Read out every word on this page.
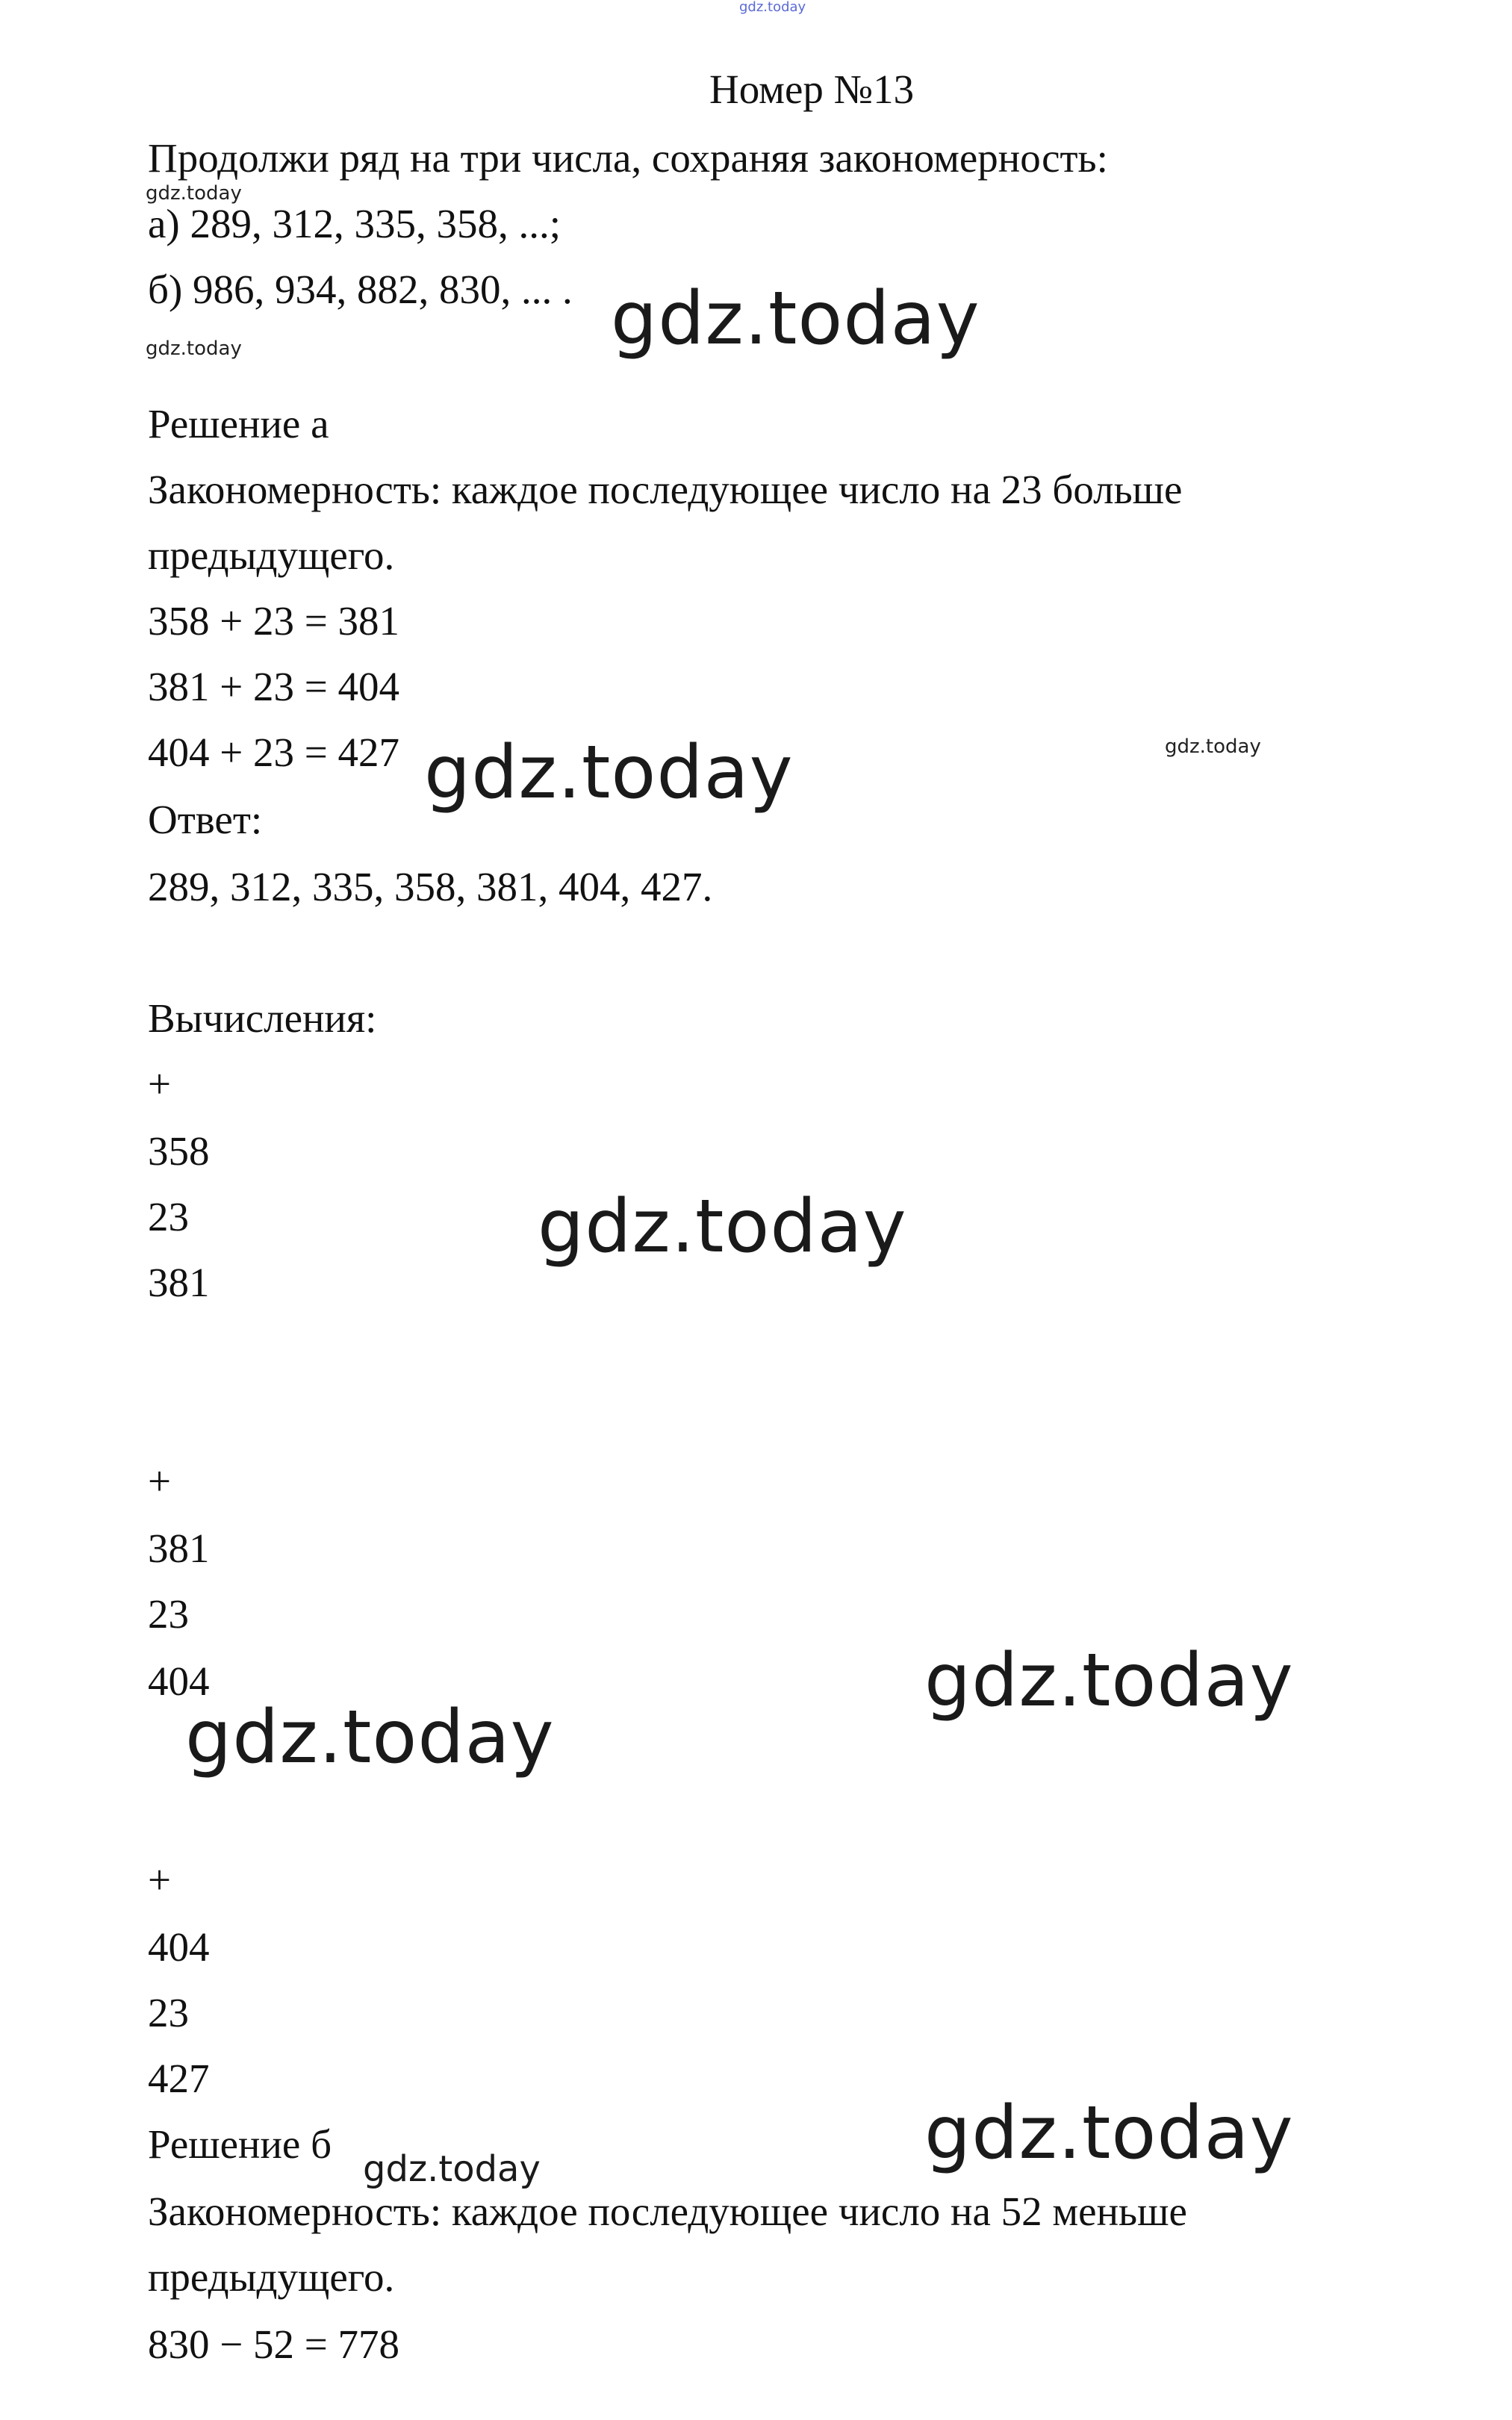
gdz.today
Номер №13
Продолжи ряд на три числа, сохраняя закономерность:
gdz.today
а) 289, 312, 335, 358, ...;
б) 986, 934, 882, 830, ... . gdz.today
gdz.today
Решение а
Закономерность: каждое последующее число на 23 больше
предыдущего.
358 + 23 = 381
381 + 23 = 404
404 + 23 = 427 gdz.today	gdz.today
Ответ:
289, 312, 335, 358, 381, 404, 427.
Вычисления:
+
358
23
381
gdz.today
+
381
23
404	gdz.today
gdz.today
+
404
23
427
Решение б
gdz.today	gdz.today
Закономерность: каждое последующее число на 52 меньше
предыдущего.
830 − 52 = 778
